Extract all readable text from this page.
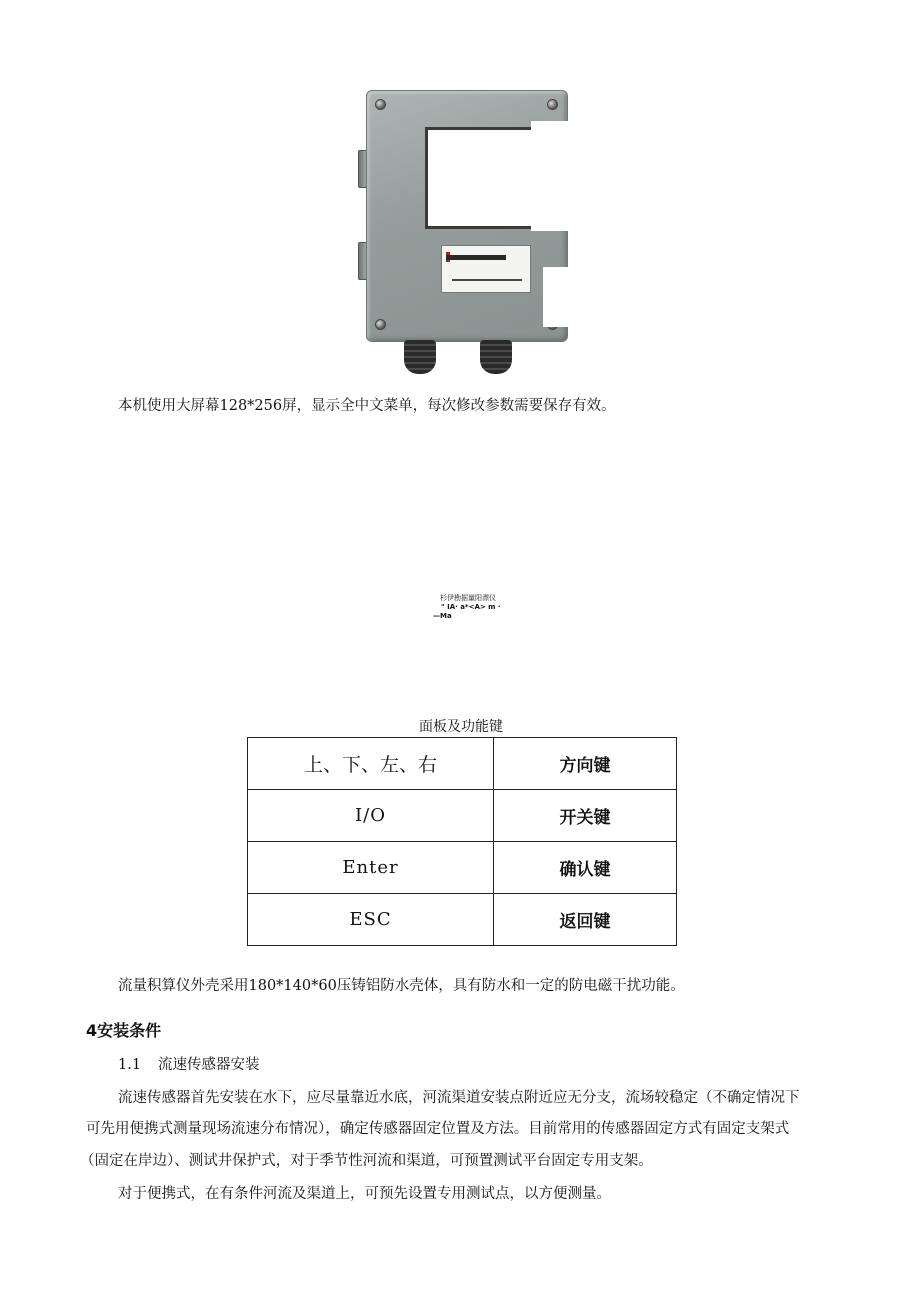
本机使用大屏幕128*256屏，显示全中文菜单，每次修改参数需要保存有效。
杉伊勘据量阳漂仪
" IA· a*<A> m ·
—Ma
面板及功能键
上、下、左、右	方向键
I/O	开关键
Enter	确认键
ESC	返回键
流量积算仪外壳采用180*140*60压铸铝防水壳体，具有防水和一定的防电磁干扰功能。
4安装条件
1.1 流速传感器安装
流速传感器首先安装在水下，应尽量靠近水底，河流渠道安装点附近应无分支，流场较稳定（不确定情况下
可先用便携式测量现场流速分布情况），确定传感器固定位置及方法。目前常用的传感器固定方式有固定支架式
（固定在岸边）、测试井保护式，对于季节性河流和渠道，可预置测试平台固定专用支架。
对于便携式，在有条件河流及渠道上，可预先设置专用测试点，以方便测量。
